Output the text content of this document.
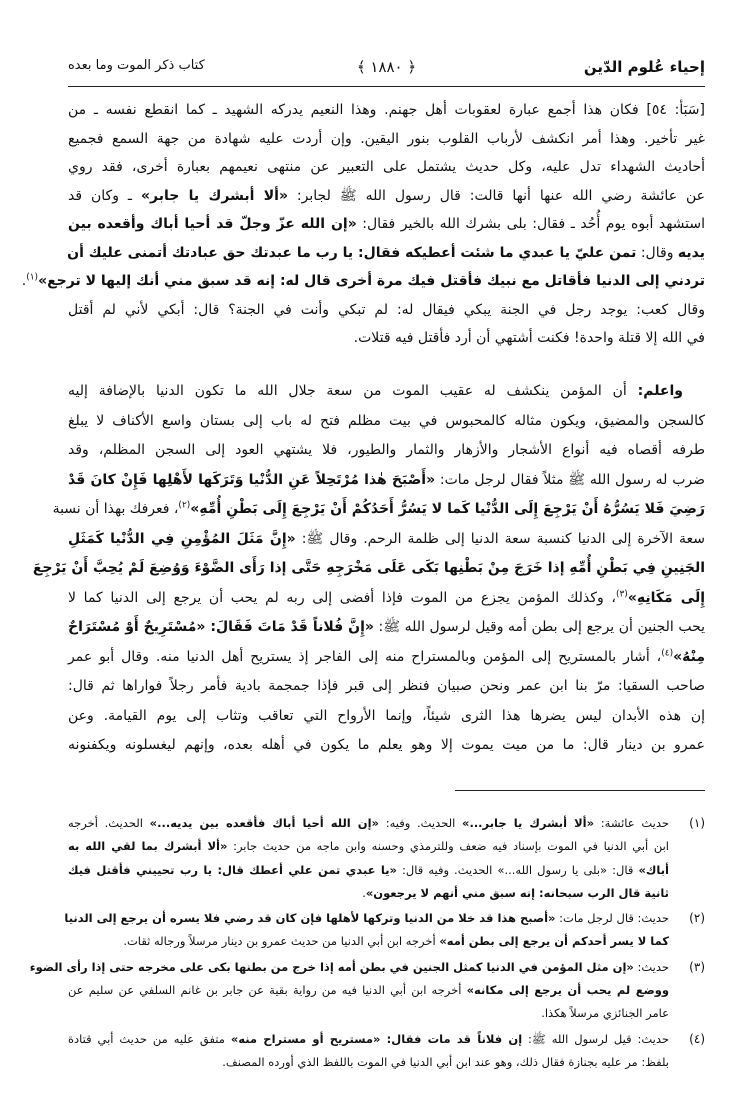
إحياء عُلوم الدّين
﴿ ١٨٨٠ ﴾
كتاب ذكر الموت وما بعده
[سَبَأ: ٥٤] فكان هذا أجمع عبارة لعقوبات أهل جهنم. وهذا النعيم يدركه الشهيد ـ كما انقطع نفسه ـ من
غير تأخير. وهذا أمر انكشف لأرباب القلوب بنور اليقين. وإن أردت عليه شهادة من جهة السمع فجميع
أحاديث الشهداء تدل عليه، وكل حديث يشتمل على التعبير عن منتهى نعيمهم بعبارة أخرى، فقد روي
عن عائشة رضي الله عنها أنها قالت: قال رسول الله ﷺ لجابر: «ألا أبشرك يا جابر» ـ وكان قد
استشهد أبوه يوم أُحُد ـ فقال: بلى بشرك الله بالخير فقال: «إن الله عزّ وجلّ قد أحيا أباك وأقعده بين
يديه وقال: تمن عليّ يا عبدي ما شئت أعطيكه فقال: يا رب ما عبدتك حق عبادتك أتمنى عليك أن
تردني إلى الدنيا فأقاتل مع نبيك فأقتل فيك مرة أخرى قال له: إنه قد سبق مني أنك إليها لا ترجع»$^{(١)}$.
وقال كعب: يوجد رجل في الجنة يبكي فيقال له: لم تبكي وأنت في الجنة؟ قال: أبكي لأني لم أقتل
في الله إلا قتلة واحدة! فكنت أشتهي أن أرد فأقتل فيه قتلات.
واعلم: أن المؤمن ينكشف له عقيب الموت من سعة جلال الله ما تكون الدنيا بالإضافة إليه
كالسجن والمضيق، ويكون مثاله كالمحبوس في بيت مظلم فتح له باب إلى بستان واسع الأكناف لا يبلغ
طرفه أقصاه فيه أنواع الأشجار والأزهار والثمار والطيور، فلا يشتهي العود إلى السجن المظلم، وقد
ضرب له رسول الله ﷺ مثلاً فقال لرجل مات: «أَصْبَحَ هٰذا مُرْتَحِلاً عَنِ الدُّنْيا وَتَرَكَها لأَهْلِها فَإِنْ كانَ قَدْ
رَضِيَ فَلا يَسُرُّهُ أَنْ يَرْجِعَ إِلَى الدُّنْيا كَما لا يَسُرُّ أَحَدُكُمْ أَنْ يَرْجِعَ إِلَى بَطْنِ أُمِّهِ»$^{(٢)}$، فعرفك بهذا أن نسبة
سعة الآخرة إلى الدنيا كنسبة سعة الدنيا إلى ظلمة الرحم. وقال ﷺ: «إِنَّ مَثَلَ المُؤْمِنِ فِي الدُّنْيا كَمَثَلِ
الجَنِينِ فِي بَطْنِ أُمِّهِ إذا خَرَجَ مِنْ بَطْنِها بَكَى عَلَى مَخْرَجِهِ حَتَّى إذا رَأَى الضَّوْءَ وَوُضِعَ لَمْ يُحِبَّ أَنْ يَرْجِعَ
إِلَى مَكَانِهِ»$^{(٣)}$، وكذلك المؤمن يجزع من الموت فإذا أفضى إلى ربه لم يحب أن يرجع إلى الدنيا كما لا
يحب الجنين أن يرجع إلى بطن أمه وقيل لرسول الله ﷺ: «إِنَّ فُلاناً قَدْ مَاتَ فَقَالَ: «مُسْتَرِيحٌ أَوْ مُسْتَرَاحٌ
مِنْهُ»$^{(٤)}$، أشار بالمستريح إلى المؤمن وبالمستراح منه إلى الفاجر إذ يستريح أهل الدنيا منه. وقال أبو عمر
صاحب السقيا: مرّ بنا ابن عمر ونحن صبيان فنظر إلى قبر فإذا جمجمة بادية فأمر رجلاً فواراها ثم قال:
إن هذه الأبدان ليس يضرها هذا الثرى شيئاً، وإنما الأرواح التي تعاقب وتثاب إلى يوم القيامة. وعن
عمرو بن دينار قال: ما من ميت يموت إلا وهو يعلم ما يكون في أهله بعده، وإنهم ليغسلونه ويكفنونه
(١)
حديث عائشة: «ألا أبشرك يا جابر...» الحديث. وفيه: «إن الله أحيا أباك فأقعده بين يديه...» الحديث. أخرجه
ابن أبي الدنيا في الموت بإسناد فيه ضعف وللترمذي وحسنه وابن ماجه من حديث جابر: «ألا أبشرك بما لقي الله به
أباك» قال: «بلى يا رسول الله...» الحديث. وفيه قال: «يا عبدي تمن علي أعطك قال: يا رب تحييني فأقتل فيك
ثانية قال الرب سبحانه: إنه سبق مني أنهم لا يرجعون».
(٢)
حديث: قال لرجل مات: «أصبح هذا قد خلا من الدنيا وتركها لأهلها فإن كان قد رضي فلا يسره أن يرجع إلى الدنيا
كما لا يسر أحدكم أن يرجع إلى بطن أمه» أخرجه ابن أبي الدنيا من حديث عمرو بن دينار مرسلاً ورجاله ثقات.
(٣)
حديث: «إن مثل المؤمن في الدنيا كمثل الجنين في بطن أمه إذا خرج من بطنها بكى على مخرجه حتى إذا رأى الضوء
ووضع لم يحب أن يرجع إلى مكانه» أخرجه ابن أبي الدنيا فيه من رواية بقية عن جابر بن غانم السلفي عن سليم عن
عامر الجنائزي مرسلاً هكذا.
(٤)
حديث: قيل لرسول الله ﷺ: إن فلاناً قد مات فقال: «مستريح أو مستراح منه» متفق عليه من حديث أبي قتادة
بلفظ: مر عليه بجنازة فقال ذلك، وهو عند ابن أبي الدنيا في الموت باللفظ الذي أورده المصنف.
